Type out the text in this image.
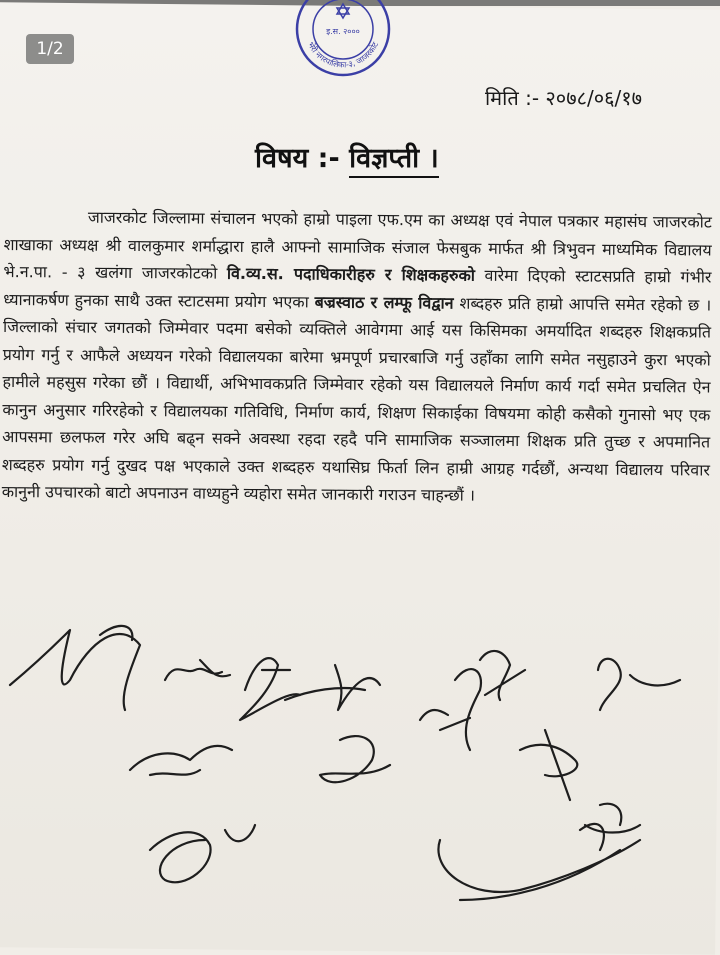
इ.स. २०००
भेरी नगरपालिका-३, जाजरकोट
1/2
मिति :- २०७८/०६/१७
विषय :- विज्ञप्ती ।

जाजरकोट जिल्लामा संचालन भएको हाम्रो पाइला एफ.एम का अध्यक्ष एवं नेपाल पत्रकार महासंघ जाजरकोट शाखाका अध्यक्ष श्री वालकुमार शर्माद्धारा हालै आफ्नो सामाजिक संजाल फेसबुक मार्फत श्री त्रिभुवन माध्यमिक विद्यालय भे.न.पा. - ३ खलंगा जाजरकोटको वि.व्य.स. पदाधिकारीहरु र शिक्षकहरुको वारेमा दिएको स्टाटसप्रति हाम्रो गंभीर ध्यानाकर्षण हुनका साथै उक्त स्टाटसमा प्रयोग भएका बज्रस्वाठ र लम्फू विद्वान शब्दहरु प्रति हाम्रो आपत्ति समेत रहेको छ । जिल्लाको संचार जगतको जिम्मेवार पदमा बसेको व्यक्तिले आवेगमा आई यस किसिमका अमर्यादित शब्दहरु शिक्षकप्रति प्रयोग गर्नु र आफैले अध्ययन गरेको विद्यालयका बारेमा भ्रमपूर्ण प्रचारबाजि गर्नु उहाँका लागि समेत नसुहाउने कुरा भएको हामीले महसुस गरेका छौं । विद्यार्थी, अभिभावकप्रति जिम्मेवार रहेको यस विद्यालयले निर्माण कार्य गर्दा समेत प्रचलित ऐन कानुन अनुसार गरिरहेको र विद्यालयका गतिविधि, निर्माण कार्य, शिक्षण सिकाईका विषयमा कोही कसैको गुनासो भए एक आपसमा छलफल गरेर अघि बढ्न सक्ने अवस्था रहदा रहदै पनि सामाजिक सञ्जालमा शिक्षक प्रति तुच्छ र अपमानित शब्दहरु प्रयोग गर्नु दुखद पक्ष भएकाले उक्त शब्दहरु यथासिघ्र फिर्ता लिन हाम्री आग्रह गर्दछौं, अन्यथा विद्यालय परिवार कानुनी उपचारको बाटो अपनाउन वाध्यहुने व्यहोरा समेत जानकारी गराउन चाहन्छौं ।
